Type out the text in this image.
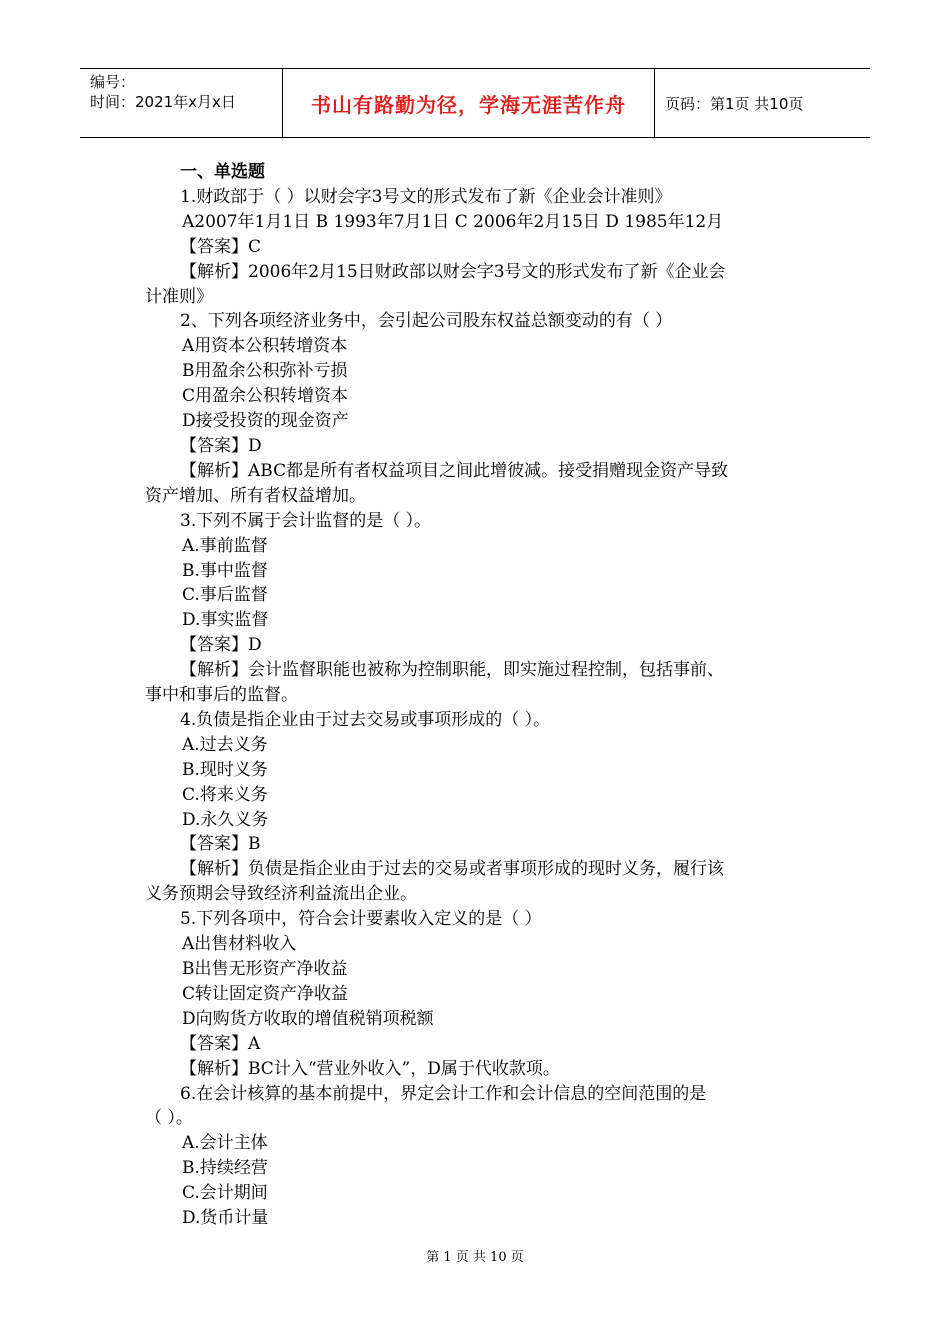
编号：
时间：2021年x月x日	书山有路勤为径，学海无涯苦作舟	页码：第1页 共10页
一、单选题
1.财政部于（ ）以财会字3号文的形式发布了新《企业会计准则》
A2007年1月1日 B 1993年7月1日 C 2006年2月15日 D 1985年12月
【答案】C
【解析】2006年2月15日财政部以财会字3号文的形式发布了新《企业会
计准则》
2、下列各项经济业务中，会引起公司股东权益总额变动的有（ ）
A用资本公积转增资本
B用盈余公积弥补亏损
C用盈余公积转增资本
D接受投资的现金资产
【答案】D
【解析】ABC都是所有者权益项目之间此增彼减。接受捐赠现金资产导致
资产增加、所有者权益增加。
3.下列不属于会计监督的是（ ）。
A.事前监督
B.事中监督
C.事后监督
D.事实监督
【答案】D
【解析】会计监督职能也被称为控制职能，即实施过程控制，包括事前、
事中和事后的监督。
4.负债是指企业由于过去交易或事项形成的（ ）。
A.过去义务
B.现时义务
C.将来义务
D.永久义务
【答案】B
【解析】负债是指企业由于过去的交易或者事项形成的现时义务，履行该
义务预期会导致经济利益流出企业。
5.下列各项中，符合会计要素收入定义的是（ ）
A出售材料收入
B出售无形资产净收益
C转让固定资产净收益
D向购货方收取的增值税销项税额
【答案】A
【解析】BC计入“营业外收入”，D属于代收款项。
6.在会计核算的基本前提中，界定会计工作和会计信息的空间范围的是
（ ）。
A.会计主体
B.持续经营
C.会计期间
D.货币计量
第 1 页 共 10 页
